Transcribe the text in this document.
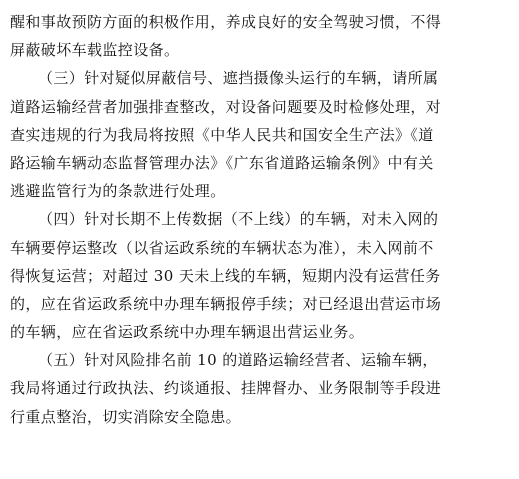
醒和事故预防方面的积极作用，养成良好的安全驾驶习惯，不得
屏蔽破坏车载监控设备。
（三）针对疑似屏蔽信号、遮挡摄像头运行的车辆，请所属
道路运输经营者加强排查整改，对设备问题要及时检修处理，对
查实违规的行为我局将按照《中华人民共和国安全生产法》《道
路运输车辆动态监督管理办法》《广东省道路运输条例》中有关
逃避监管行为的条款进行处理。
（四）针对长期不上传数据（不上线）的车辆，对未入网的
车辆要停运整改（以省运政系统的车辆状态为准），未入网前不
得恢复运营；对超过 30 天未上线的车辆，短期内没有运营任务
的，应在省运政系统中办理车辆报停手续；对已经退出营运市场
的车辆，应在省运政系统中办理车辆退出营运业务。
（五）针对风险排名前 10 的道路运输经营者、运输车辆，
我局将通过行政执法、约谈通报、挂牌督办、业务限制等手段进
行重点整治，切实消除安全隐患。
